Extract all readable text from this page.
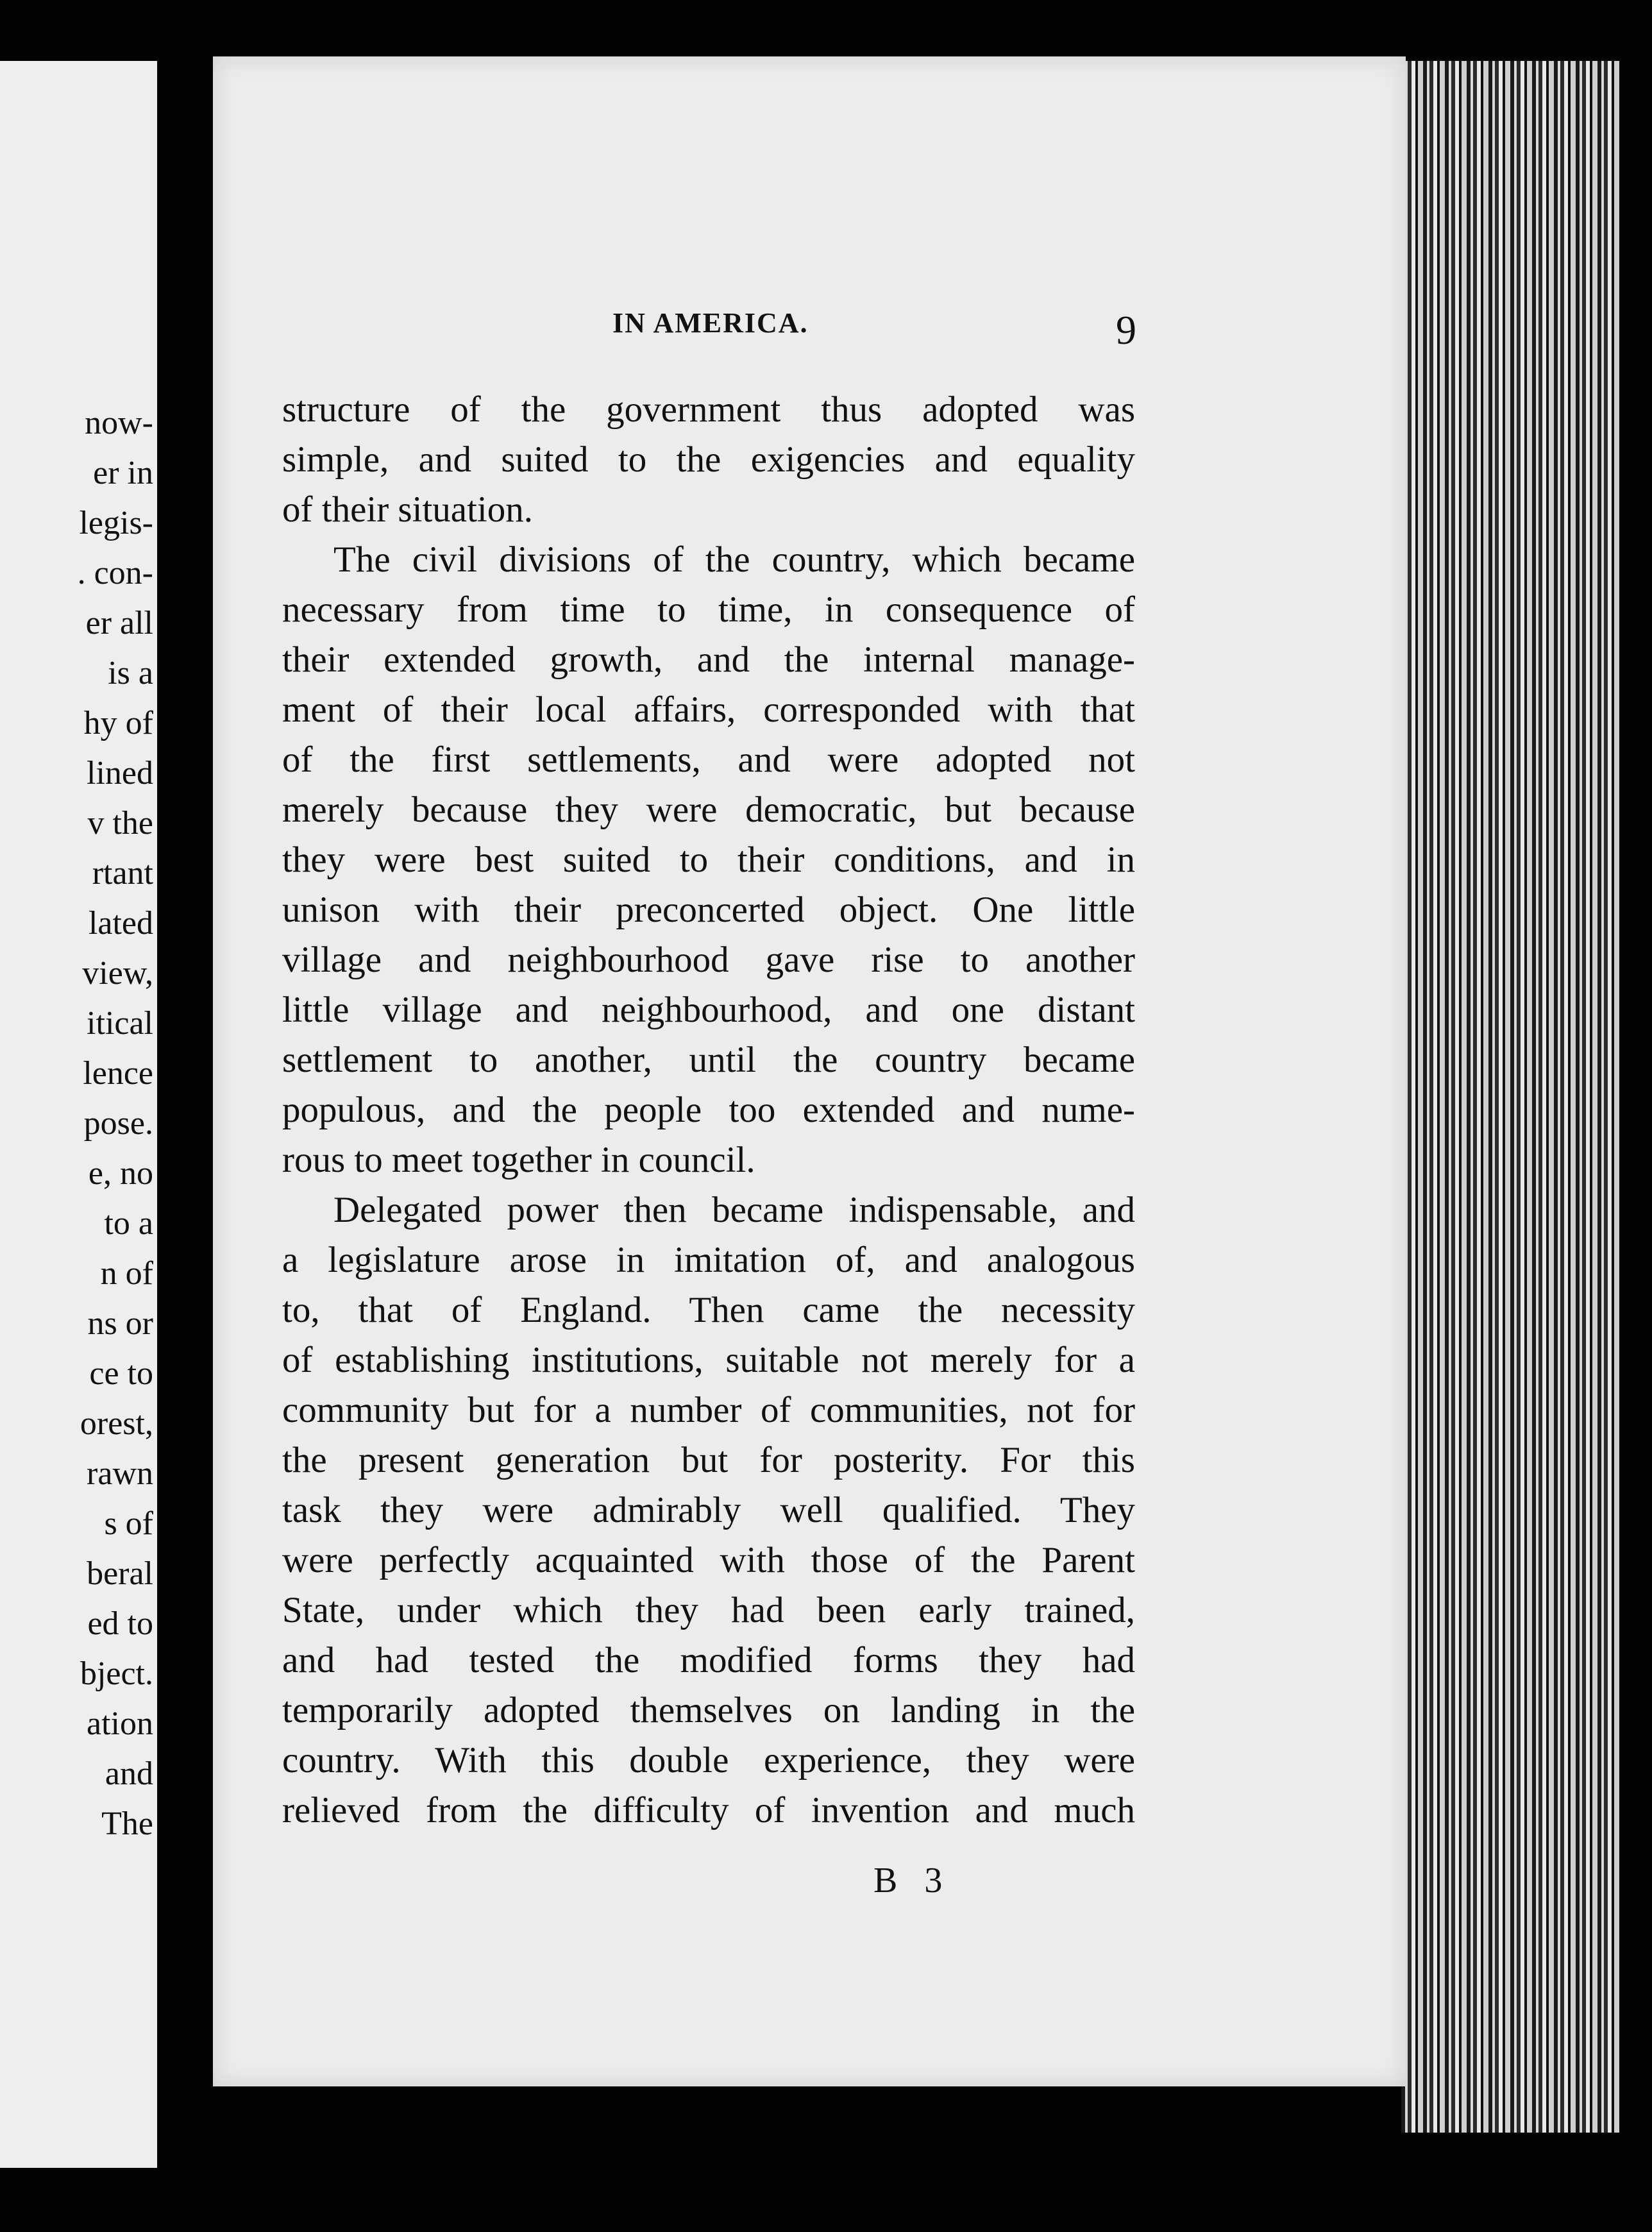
now-
er in
legis-
. con-
er all
is a
hy of
lined
v the
rtant
lated
view,
itical
lence
pose.
e, no
to a
n of
ns or
ce to
orest,
rawn
s of
beral
ed to
bject.
ation
and
The
IN AMERICA.	9
structure of the government thus adopted was
simple, and suited to the exigencies and equality
of their situation.
The civil divisions of the country, which became
necessary from time to time, in consequence of
their extended growth, and the internal manage-
ment of their local affairs, corresponded with that
of the first settlements, and were adopted not
merely because they were democratic, but because
they were best suited to their conditions, and in
unison with their preconcerted object. One little
village and neighbourhood gave rise to another
little village and neighbourhood, and one distant
settlement to another, until the country became
populous, and the people too extended and nume-
rous to meet together in council.
Delegated power then became indispensable, and
a legislature arose in imitation of, and analogous
to, that of England. Then came the necessity
of establishing institutions, suitable not merely for a
community but for a number of communities, not for
the present generation but for posterity. For this
task they were admirably well qualified. They
were perfectly acquainted with those of the Parent
State, under which they had been early trained,
and had tested the modified forms they had
temporarily adopted themselves on landing in the
country. With this double experience, they were
relieved from the difficulty of invention and much
B 3
